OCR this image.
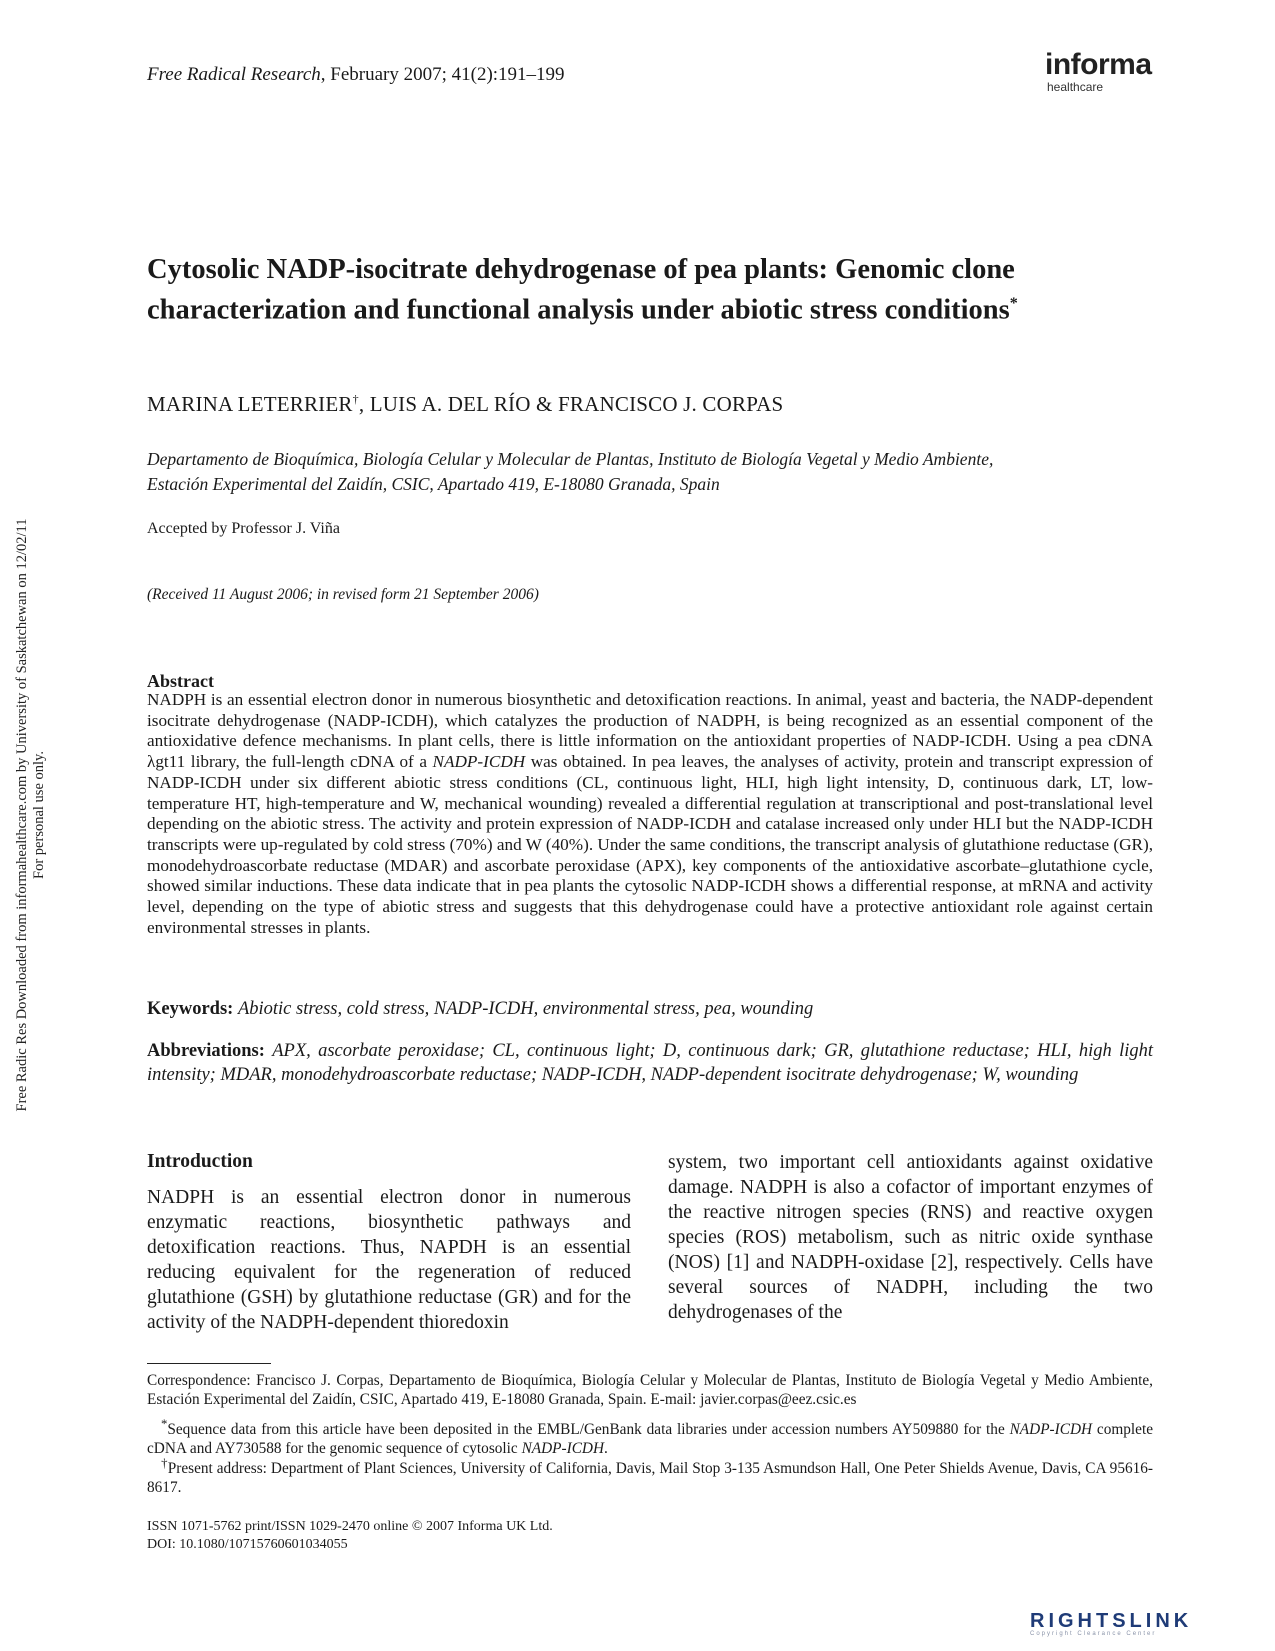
Free Radical Research, February 2007; 41(2):191–199	informa
healthcare
Free Radic Res Downloaded from informahealthcare.com by University of Saskatchewan on 12/02/11 For personal use only.
Cytosolic NADP-isocitrate dehydrogenase of pea plants: Genomic clone
characterization and functional analysis under abiotic stress conditions*
MARINA LETERRIER†, LUIS A. DEL RÍO & FRANCISCO J. CORPAS
Departamento de Bioquímica, Biología Celular y Molecular de Plantas, Instituto de Biología Vegetal y Medio Ambiente,
Estación Experimental del Zaidín, CSIC, Apartado 419, E-18080 Granada, Spain
Accepted by Professor J. Viña
(Received 11 August 2006; in revised form 21 September 2006)
Abstract
NADPH is an essential electron donor in numerous biosynthetic and detoxification reactions. In animal, yeast and bacteria, the NADP-dependent isocitrate dehydrogenase (NADP-ICDH), which catalyzes the production of NADPH, is being recognized as an essential component of the antioxidative defence mechanisms. In plant cells, there is little information on the antioxidant properties of NADP-ICDH. Using a pea cDNA λgt11 library, the full-length cDNA of a NADP-ICDH was obtained. In pea leaves, the analyses of activity, protein and transcript expression of NADP-ICDH under six different abiotic stress conditions (CL, continuous light, HLI, high light intensity, D, continuous dark, LT, low-temperature HT, high-temperature and W, mechanical wounding) revealed a differential regulation at transcriptional and post-translational level depending on the abiotic stress. The activity and protein expression of NADP-ICDH and catalase increased only under HLI but the NADP-ICDH transcripts were up-regulated by cold stress (70%) and W (40%). Under the same conditions, the transcript analysis of glutathione reductase (GR), monodehydroascorbate reductase (MDAR) and ascorbate peroxidase (APX), key components of the antioxidative ascorbate–glutathione cycle, showed similar inductions. These data indicate that in pea plants the cytosolic NADP-ICDH shows a differential response, at mRNA and activity level, depending on the type of abiotic stress and suggests that this dehydrogenase could have a protective antioxidant role against certain environmental stresses in plants.
Keywords: Abiotic stress, cold stress, NADP-ICDH, environmental stress, pea, wounding
Abbreviations: APX, ascorbate peroxidase; CL, continuous light; D, continuous dark; GR, glutathione reductase; HLI, high light intensity; MDAR, monodehydroascorbate reductase; NADP-ICDH, NADP-dependent isocitrate dehydrogenase; W, wounding
Introduction
NADPH is an essential electron donor in numerous enzymatic reactions, biosynthetic pathways and detoxification reactions. Thus, NAPDH is an essential reducing equivalent for the regeneration of reduced glutathione (GSH) by glutathione reductase (GR) and for the activity of the NADPH-dependent thioredoxin
system, two important cell antioxidants against oxidative damage. NADPH is also a cofactor of important enzymes of the reactive nitrogen species (RNS) and reactive oxygen species (ROS) metabolism, such as nitric oxide synthase (NOS) [1] and NADPH-oxidase [2], respectively. Cells have several sources of NADPH, including the two dehydrogenases of the
Correspondence: Francisco J. Corpas, Departamento de Bioquímica, Biología Celular y Molecular de Plantas, Instituto de Biología Vegetal y Medio Ambiente, Estación Experimental del Zaidín, CSIC, Apartado 419, E-18080 Granada, Spain. E-mail: javier.corpas@eez.csic.es
*Sequence data from this article have been deposited in the EMBL/GenBank data libraries under accession numbers AY509880 for the NADP-ICDH complete cDNA and AY730588 for the genomic sequence of cytosolic NADP-ICDH.
†Present address: Department of Plant Sciences, University of California, Davis, Mail Stop 3-135 Asmundson Hall, One Peter Shields Avenue, Davis, CA 95616-8617.
ISSN 1071-5762 print/ISSN 1029-2470 online © 2007 Informa UK Ltd.
DOI: 10.1080/10715760601034055
RIGHTSLINK
Copyright Clearance Center
